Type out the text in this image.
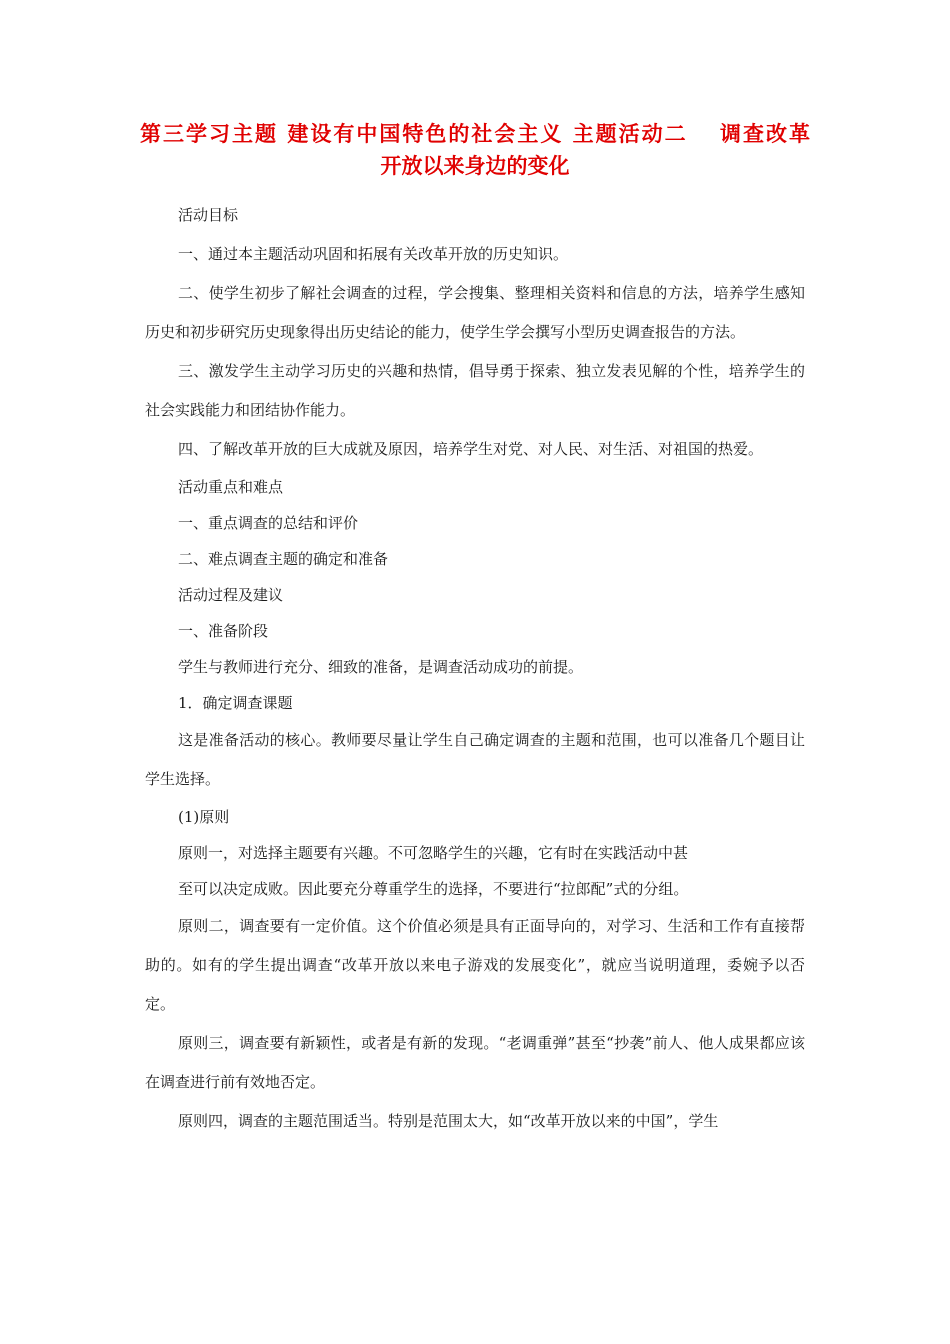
第三学习主题 建设有中国特色的社会主义 主题活动二　 调查改革
开放以来身边的变化

活动目标

一、通过本主题活动巩固和拓展有关改革开放的历史知识。

二、使学生初步了解社会调查的过程，学会搜集、整理相关资料和信息的方法，培养学生感知历史和初步研究历史现象得出历史结论的能力，使学生学会撰写小型历史调查报告的方法。

三、激发学生主动学习历史的兴趣和热情，倡导勇于探索、独立发表见解的个性，培养学生的社会实践能力和团结协作能力。

四、了解改革开放的巨大成就及原因，培养学生对党、对人民、对生活、对祖国的热爱。

活动重点和难点

一、重点调查的总结和评价

二、难点调查主题的确定和准备

活动过程及建议

一、准备阶段

学生与教师进行充分、细致的准备，是调查活动成功的前提。

1．确定调查课题

这是准备活动的核心。教师要尽量让学生自己确定调查的主题和范围，也可以准备几个题目让学生选择。

(1)原则

原则一，对选择主题要有兴趣。不可忽略学生的兴趣，它有时在实践活动中甚

至可以决定成败。因此要充分尊重学生的选择，不要进行“拉郎配”式的分组。

原则二，调查要有一定价值。这个价值必须是具有正面导向的，对学习、生活和工作有直接帮助的。如有的学生提出调查“改革开放以来电子游戏的发展变化”，就应当说明道理，委婉予以否定。

原则三，调查要有新颖性，或者是有新的发现。“老调重弹”甚至“抄袭”前人、他人成果都应该在调查进行前有效地否定。

原则四，调查的主题范围适当。特别是范围太大，如“改革开放以来的中国”，学生
